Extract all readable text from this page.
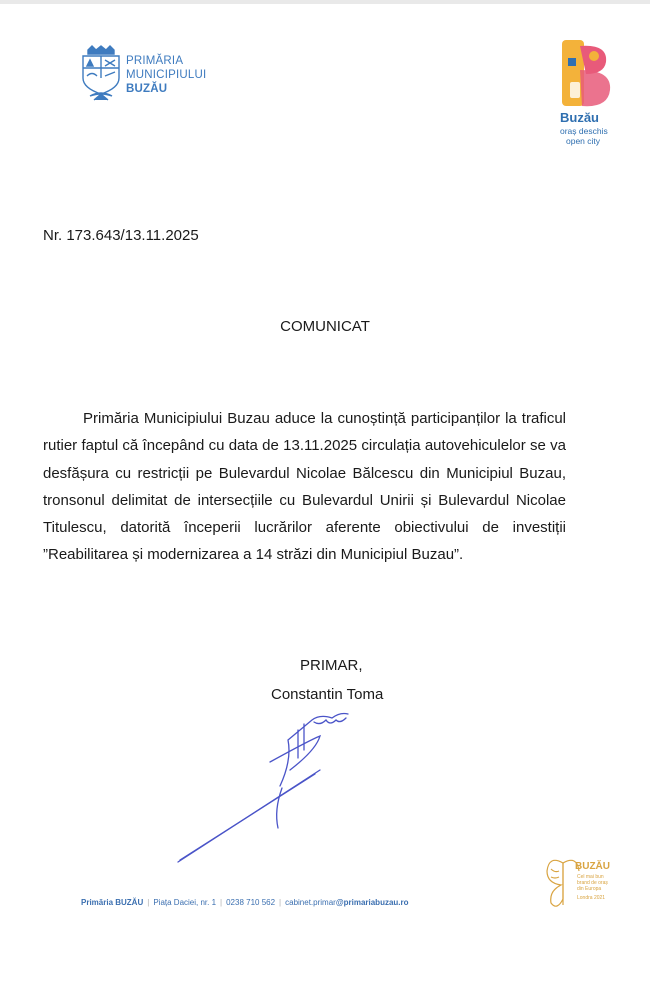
PRIMĂRIA
MUNICIPIULUI
BUZĂU
Buzău
oraș deschis
open city
Nr. 173.643/13.11.2025
COMUNICAT
Primăria Municipiului Buzau aduce la cunoștință participanților la traficul rutier faptul că începând cu data de 13.11.2025 circulația autovehiculelor se va desfășura cu restricții pe Bulevardul Nicolae Bălcescu din Municipiul Buzau, tronsonul delimitat de intersecțiile cu Bulevardul Unirii și Bulevardul Nicolae Titulescu, datorită începerii lucrărilor aferente obiectivului de investiții ”Reabilitarea și modernizarea a 14 străzi din Municipiul Buzau”.
PRIMAR,
Constantin Toma
Primăria BUZĂU | Piața Daciei, nr. 1 | 0238 710 562 | cabinet.primar@primariabuzau.ro
BUZĂU
Cel mai bun
brand de oraș
din Europa
Londra 2021
